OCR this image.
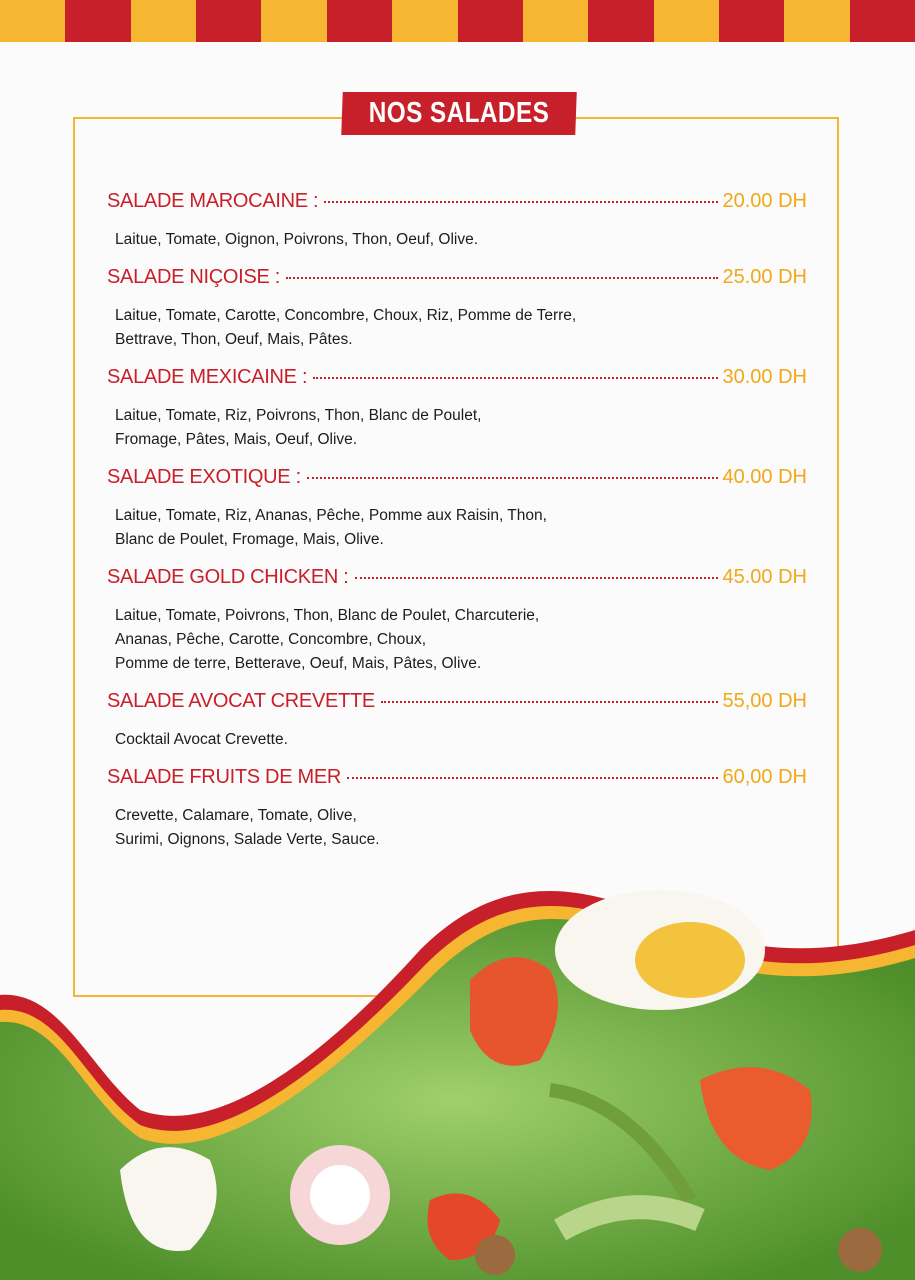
NOS SALADES
SALADE MAROCAINE :	20.00 DH
Laitue, Tomate, Oignon, Poivrons, Thon, Oeuf, Olive.
SALADE NIÇOISE :	25.00 DH
Laitue, Tomate, Carotte, Concombre, Choux, Riz, Pomme de Terre,
Bettrave, Thon, Oeuf, Mais, Pâtes.
SALADE MEXICAINE :	30.00 DH
Laitue, Tomate, Riz, Poivrons, Thon, Blanc de Poulet,
Fromage, Pâtes, Mais, Oeuf, Olive.
SALADE EXOTIQUE :	40.00 DH
Laitue, Tomate, Riz, Ananas, Pêche, Pomme aux Raisin, Thon,
Blanc de Poulet, Fromage, Mais, Olive.
SALADE GOLD CHICKEN :	45.00 DH
Laitue, Tomate, Poivrons, Thon, Blanc de Poulet, Charcuterie,
Ananas, Pêche, Carotte, Concombre, Choux,
Pomme de terre, Betterave, Oeuf, Mais, Pâtes, Olive.
SALADE AVOCAT CREVETTE	55,00 DH
Cocktail Avocat Crevette.
SALADE FRUITS DE MER	60,00 DH
Crevette, Calamare, Tomate, Olive,
Surimi, Oignons, Salade Verte, Sauce.
